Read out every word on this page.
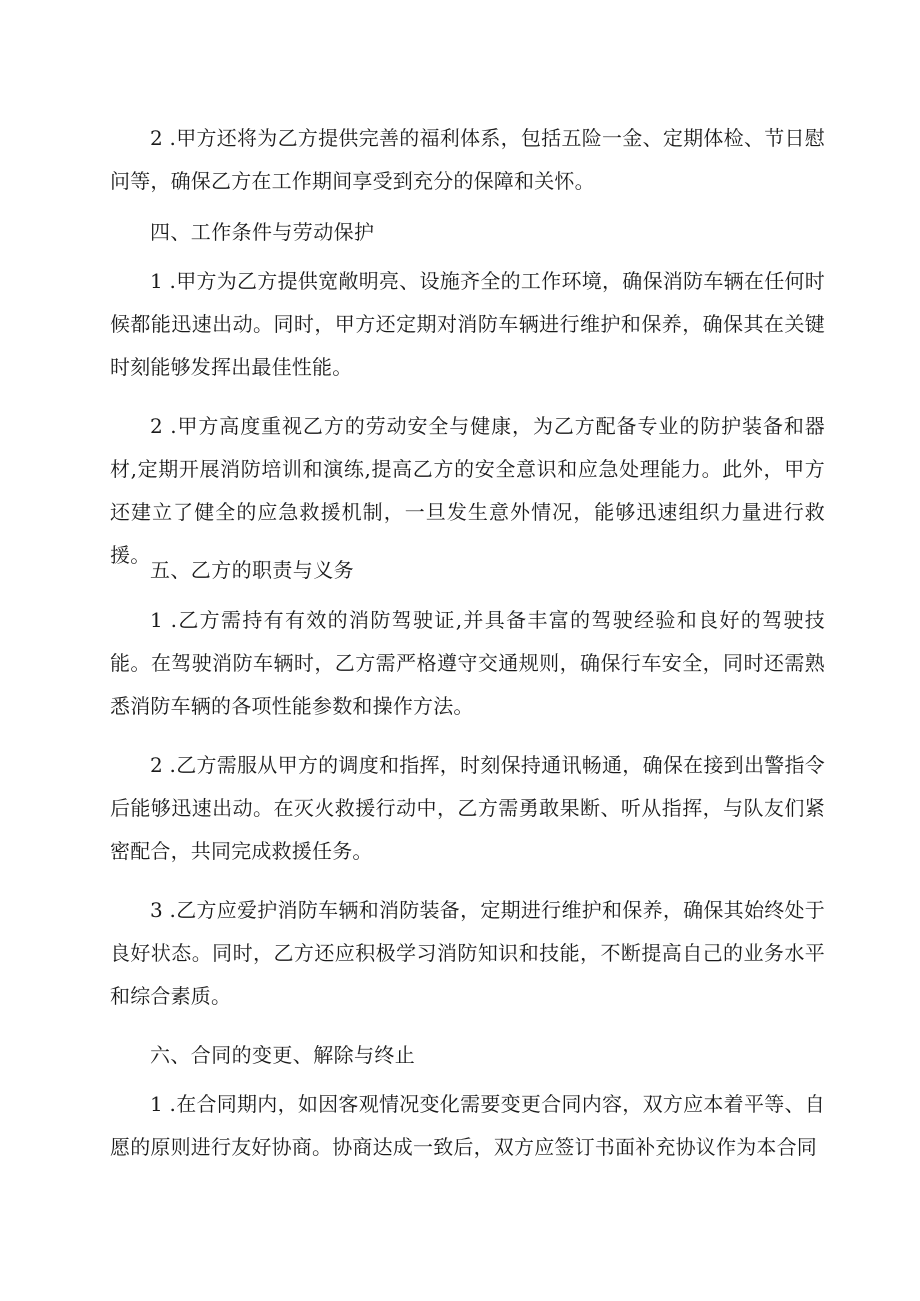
2 .甲方还将为乙方提供完善的福利体系，包括五险一金、定期体检、节日慰问等，确保乙方在工作期间享受到充分的保障和关怀。

四、工作条件与劳动保护

1 .甲方为乙方提供宽敞明亮、设施齐全的工作环境，确保消防车辆在任何时候都能迅速出动。同时，甲方还定期对消防车辆进行维护和保养，确保其在关键时刻能够发挥出最佳性能。

2 .甲方高度重视乙方的劳动安全与健康，为乙方配备专业的防护装备和器材,定期开展消防培训和演练,提高乙方的安全意识和应急处理能力。此外，甲方还建立了健全的应急救援机制，一旦发生意外情况，能够迅速组织力量进行救援。

五、乙方的职责与义务

1 .乙方需持有有效的消防驾驶证,并具备丰富的驾驶经验和良好的驾驶技能。在驾驶消防车辆时，乙方需严格遵守交通规则，确保行车安全，同时还需熟悉消防车辆的各项性能参数和操作方法。

2 .乙方需服从甲方的调度和指挥，时刻保持通讯畅通，确保在接到出警指令后能够迅速出动。在灭火救援行动中，乙方需勇敢果断、听从指挥，与队友们紧密配合，共同完成救援任务。

3 .乙方应爱护消防车辆和消防装备，定期进行维护和保养，确保其始终处于良好状态。同时，乙方还应积极学习消防知识和技能，不断提高自己的业务水平和综合素质。

六、合同的变更、解除与终止

1 .在合同期内，如因客观情况变化需要变更合同内容，双方应本着平等、自愿的原则进行友好协商。协商达成一致后，双方应签订书面补充协议作为本合同
